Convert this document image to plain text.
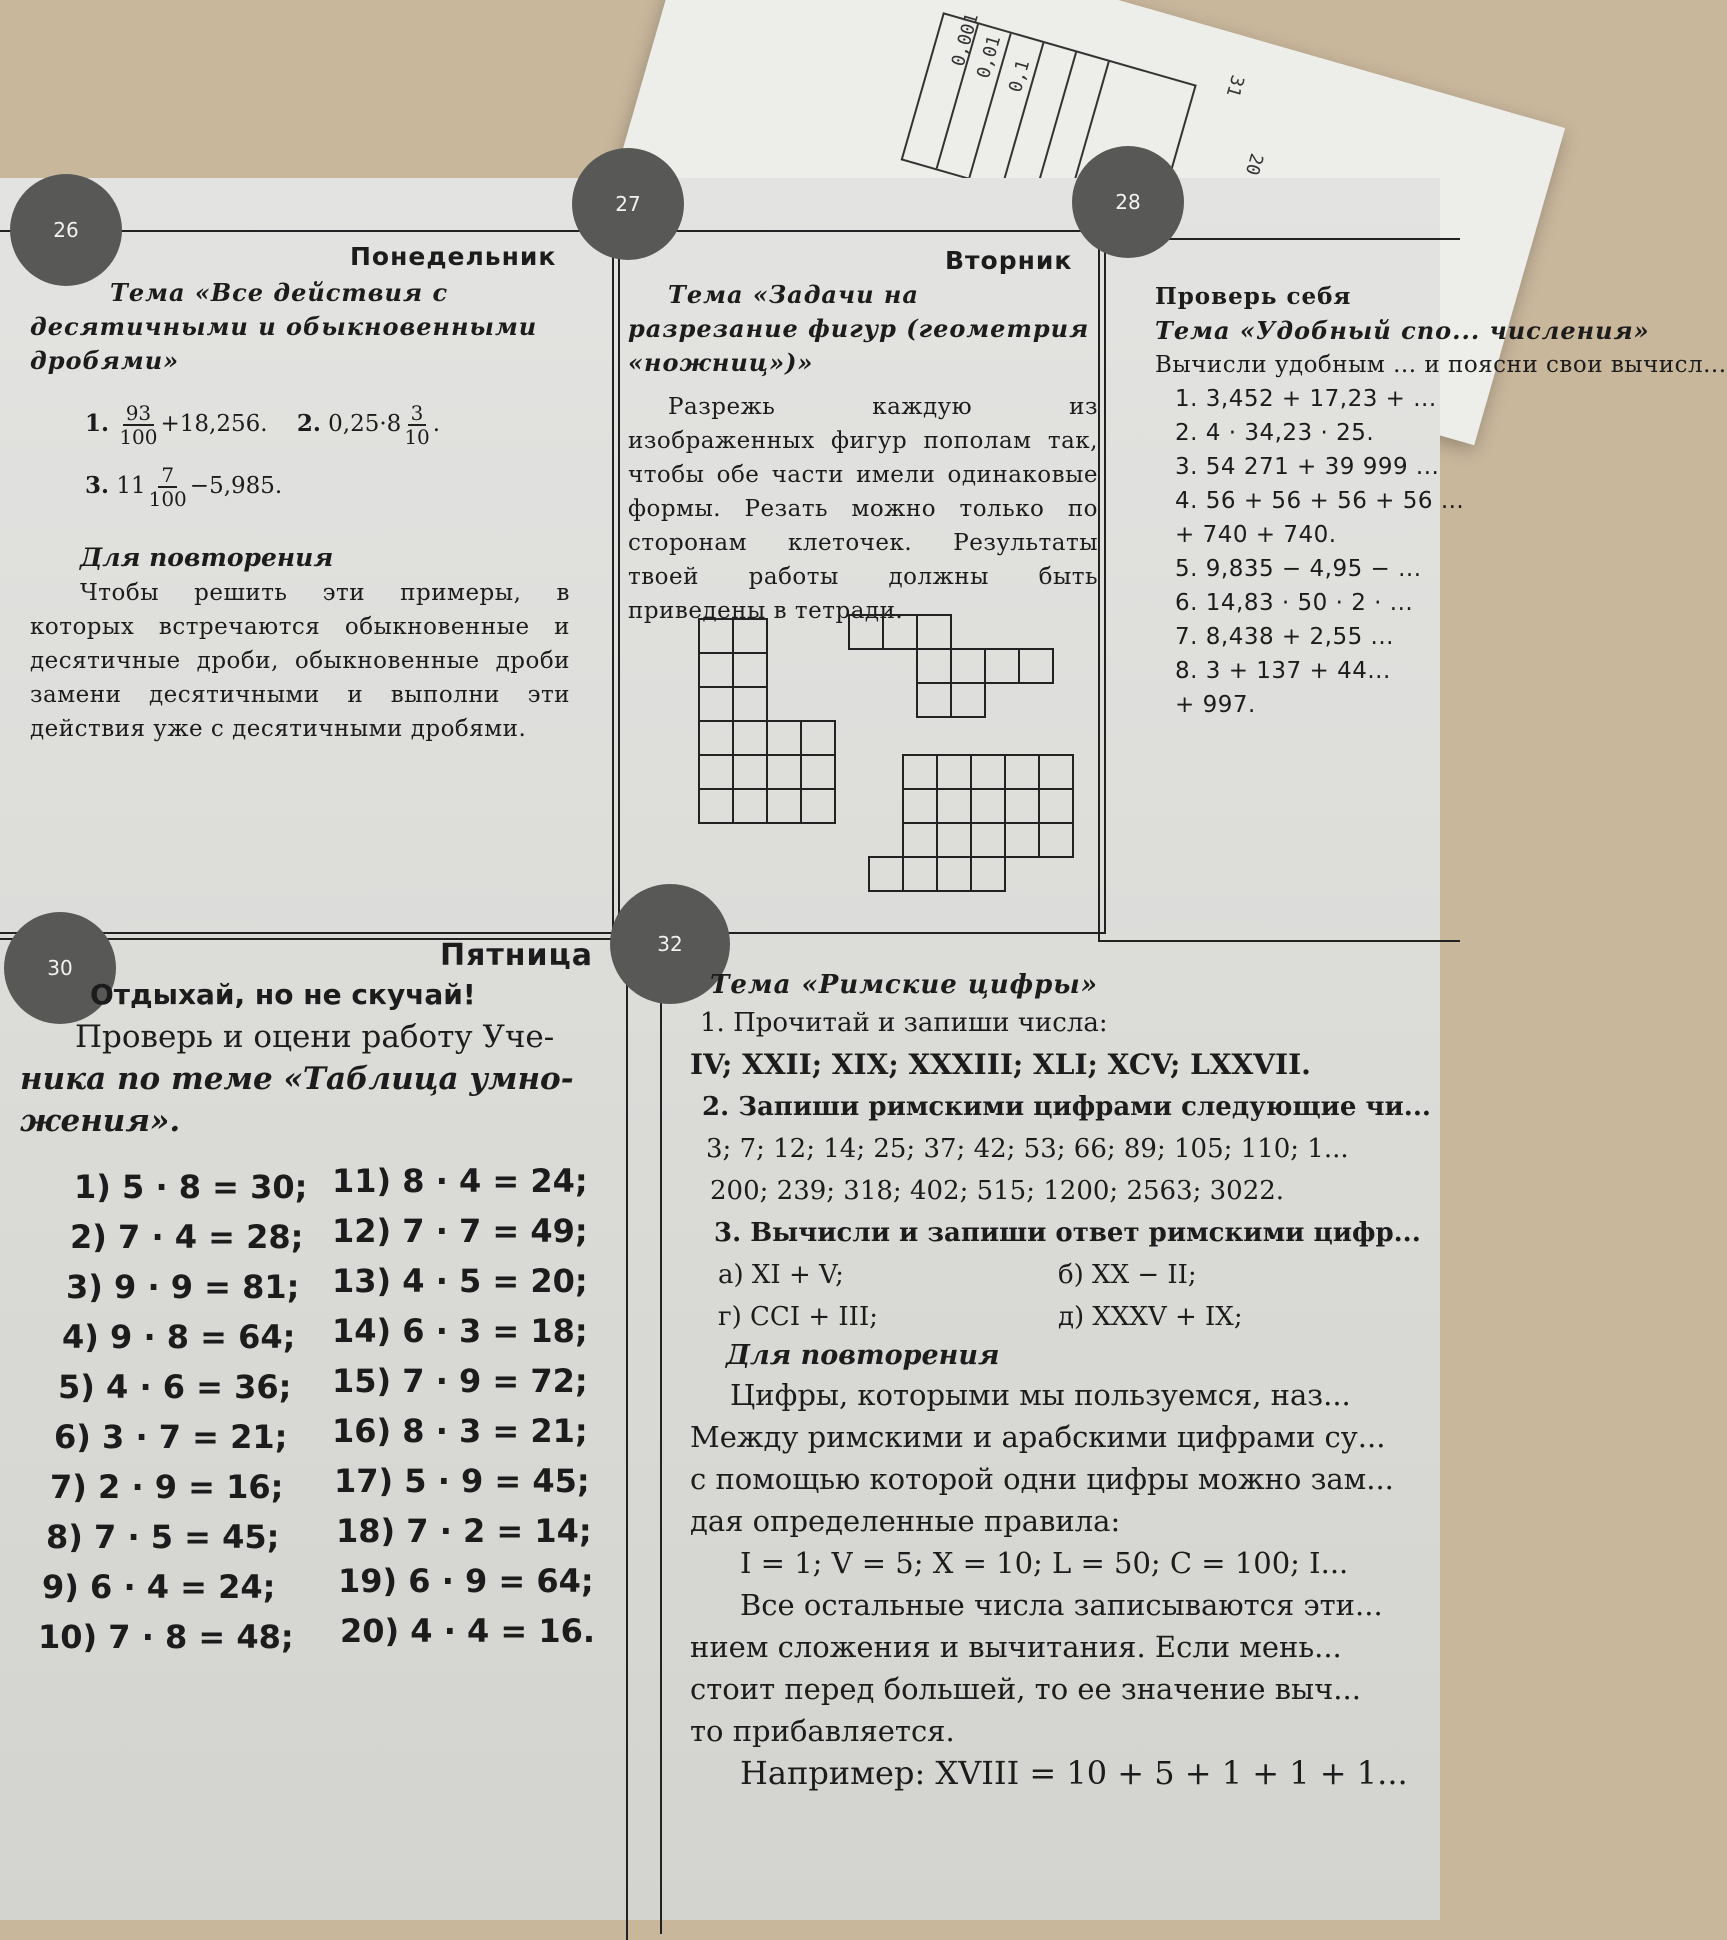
31
20
0,001
0,01 0,1
26
Понедельник
Тема «Все действия с десятичными и обыкновенными дробями»
1. $\frac{93}{100} +18,256$. 2. $0,25\cdot 8 \frac{3}{10}$ .
3. $11 \frac{7}{100} -5,985$.
Для повторения
Чтобы решить эти примеры, в которых встречаются обыкновенные и десятичные дроби, обыкновенные дроби замени десятичными и выполни эти действия уже с десятичными дробями.
27
Вторник
Тема «Задачи на разрезание фигур (геометрия «ножниц»)»
Разрежь каждую из изображенных фигур пополам так, чтобы обе части имели одинаковые формы. Резать можно только по сторонам клеточек. Результаты твоей работы должны быть приведены в тетради.
28
Проверь себя
Тема «Удобный спо... числения»
Вычисли удобным ... и поясни свои вычисл...
1. 3,452 + 17,23 + ...
2. 4 · 34,23 · 25.
3. 54 271 + 39 999 ...
4. 56 + 56 + 56 + 56 ...
+ 740 + 740.
5. 9,835 − 4,95 − ...
6. 14,83 · 50 · 2 · ...
7. 8,438 + 2,55 ...
8. 3 + 137 + 44...
+ 997.
30	Пятница
Отдыхай, но не скучай!
Проверь и оцени работу Уче-
ника по теме «Таблица умно-
жения».
1) 5 · 8 = 30;
2) 7 · 4 = 28;
3) 9 · 9 = 81;
4) 9 · 8 = 64;
5) 4 · 6 = 36;
6) 3 · 7 = 21;
7) 2 · 9 = 16;
8) 7 · 5 = 45;
9) 6 · 4 = 24;
10) 7 · 8 = 48;
11) 8 · 4 = 24;
12) 7 · 7 = 49;
13) 4 · 5 = 20;
14) 6 · 3 = 18;
15) 7 · 9 = 72;
16) 8 · 3 = 21;
17) 5 · 9 = 45;
18) 7 · 2 = 14;
19) 6 · 9 = 64;
20) 4 · 4 = 16.
32
Тема «Римские цифры»
1. Прочитай и запиши числа:
IV; XXII; XIX; XXXIII; XLI; XCV; LXXVII.
2. Запиши римскими цифрами следующие чи...
3; 7; 12; 14; 25; 37; 42; 53; 66; 89; 105; 110; 1...
200; 239; 318; 402; 515; 1200; 2563; 3022.
3. Вычисли и запиши ответ римскими цифр...
а) XI + V;	б) XX − II;
г) CCI + III;	д) XXXV + IX;
Для повторения
Цифры, которыми мы пользуемся, наз...
Между римскими и арабскими цифрами су...
с помощью которой одни цифры можно зам...
дая определенные правила:
I = 1; V = 5; X = 10; L = 50; C = 100; I...
Все остальные числа записываются эти...
нием сложения и вычитания. Если мень...
стоит перед большей, то ее значение выч...
то прибавляется.
Например: XVIII = 10 + 5 + 1 + 1 + 1...
